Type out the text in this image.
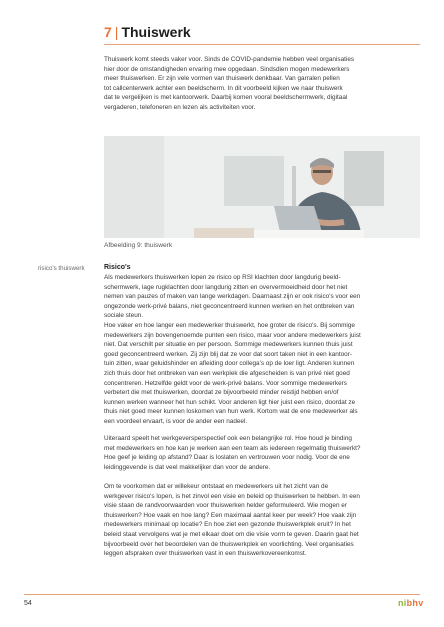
7 | Thuiswerk

Thuiswerk komt steeds vaker voor. Sinds de COVID-pandemie hebben veel organisaties
hier door de omstandigheden ervaring mee opgedaan. Sindsdien mogen medewerkers
meer thuiswerken. Er zijn vele vormen van thuiswerk denkbaar. Van garralen pellen
tot callcenterwerk achter een beeldscherm. In dit voorbeeld kijken we naar thuiswerk
dat te vergelijken is met kantoorwerk. Daarbij komen vooral beeldschermwerk, digitaal
vergaderen, telefoneren en lezen als activiteiten voor.

Afbeelding 9: thuiswerk
risico's thuiswerk	Risico's

Als medewerkers thuiswerken lopen ze risico op RSI klachten door langdurig beeld-
schermwerk, lage rugklachten door langdurig zitten en oververmoeidheid door het niet
nemen van pauzes of maken van lange werkdagen. Daarnaast zijn er ook risico's voor een
ongezonde werk-privé balans, niet geconcentreerd kunnen werken en het ontbreken van
sociale steun.
Hoe vaker en hoe langer een medewerker thuiswerkt, hoe groter de risico's. Bij sommige
medewerkers zijn bovengenoemde punten een risico, maar voor andere medewerkers juist
niet. Dat verschilt per situatie en per persoon. Sommige medewerkers kunnen thuis juist
goed geconcentreerd werken. Zij zijn blij dat ze voor dat soort taken niet in een kantoor-
tuin zitten, waar geluidshinder en afleiding door collega's op de loer ligt. Anderen kunnen
zich thuis door het ontbreken van een werkplek die afgescheiden is van privé niet goed
concentreren. Hetzelfde geldt voor de werk-privé balans. Voor sommige medewerkers
verbetert die met thuiswerken, doordat ze bijvoorbeeld minder reistijd hebben en/of
kunnen werken wanneer het hun schikt. Voor anderen ligt hier juist een risico, doordat ze
thuis niet goed meer kunnen loskomen van hun werk. Kortom wat de ene medewerker als
een voordeel ervaart, is voor de ander een nadeel.

Uiteraard speelt het werkgeversperspectief ook een belangrijke rol. Hoe houd je binding
met medewerkers en hoe kan je werken aan een team als iedereen regelmatig thuiswerkt?
Hoe geef je leiding op afstand? Daar is loslaten en vertrouwen voor nodig. Voor de ene
leidinggevende is dat veel makkelijker dan voor de andere.

Om te voorkomen dat er willekeur ontstaat en medewerkers uit het zicht van de
werkgever risico's lopen, is het zinvol een visie en beleid op thuiswerken te hebben. In een
visie staan de randvoorwaarden voor thuiswerken helder geformuleerd. Wie mogen er
thuiswerken? Hoe vaak en hoe lang? Een maximaal aantal keer per week? Hoe vaak zijn
medewerkers minimaal op locatie? En hoe ziet een gezonde thuiswerkplek eruit? In het
beleid staat vervolgens wat je met elkaar doet om die visie vorm te geven. Daarin gaat het
bijvoorbeeld over het beoordelen van de thuiswerkplek en voorlichting. Veel organisaties
leggen afspraken over thuiswerken vast in een thuiswerkovereenkomst.

54	nibhv
